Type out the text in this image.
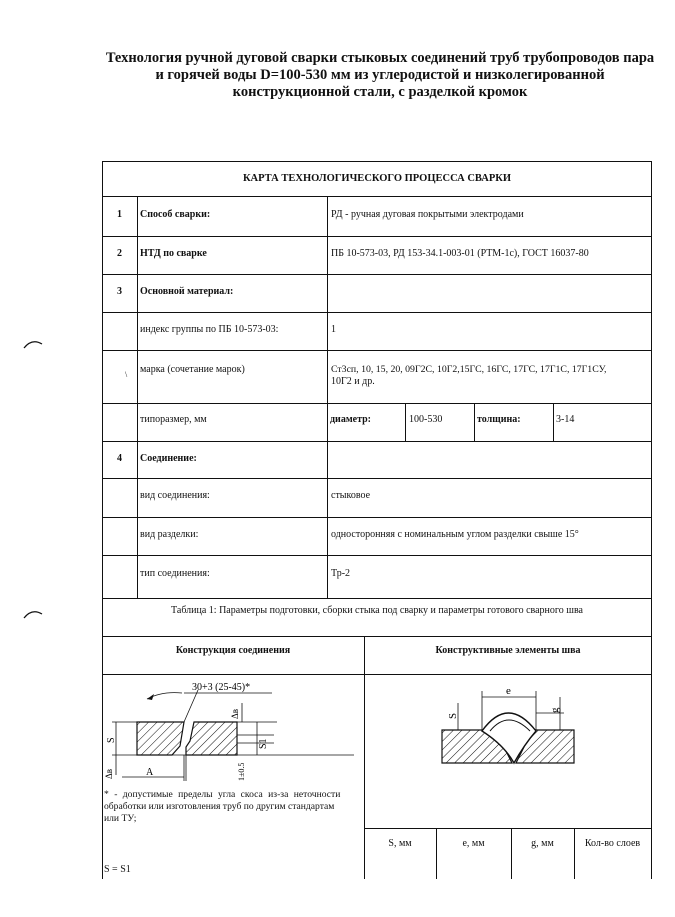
Технология ручной дуговой сварки стыковых соединений труб трубопроводов пара и горячей воды D=100-530 мм из углеродистой и низколегированной конструкционной стали, с разделкой кромок
КАРТА ТЕХНОЛОГИЧЕСКОГО ПРОЦЕССА СВАРКИ
1	Способ сварки:	РД - ручная дуговая покрытыми электродами
2	НТД по сварке	ПБ 10-573-03, РД 153-34.1-003-01 (РТМ-1с), ГОСТ 16037-80
3	Основной материал:
индекс группы по ПБ 10-573-03:	1
\ марка (сочетание марок)	Ст3сп, 10, 15, 20, 09Г2С, 10Г2,15ГС, 16ГС, 17ГС, 17Г1С, 17Г1СУ,
10Г2 и др.
типоразмер, мм	диаметр:	100-530	толщина:	3-14
4	Соединение:
вид соединения:	стыковое
вид разделки:	односторонняя с номинальным углом разделки свыше 15°
тип соединения:	Тр-2
Таблица 1: Параметры подготовки, сборки стыка под сварку и параметры готового сварного шва
Конструкция соединения	Конструктивные элементы шва
30+3 (25-45)*
S	S1
Δв
Δв	A	1±0.5
* - допустимые пределы угла скоса из-за неточности
обработки или изготовления труб по другим стандартам
или ТУ;
S = S1
e
S
g
S, мм	e, мм	g, мм	Кол-во слоев
